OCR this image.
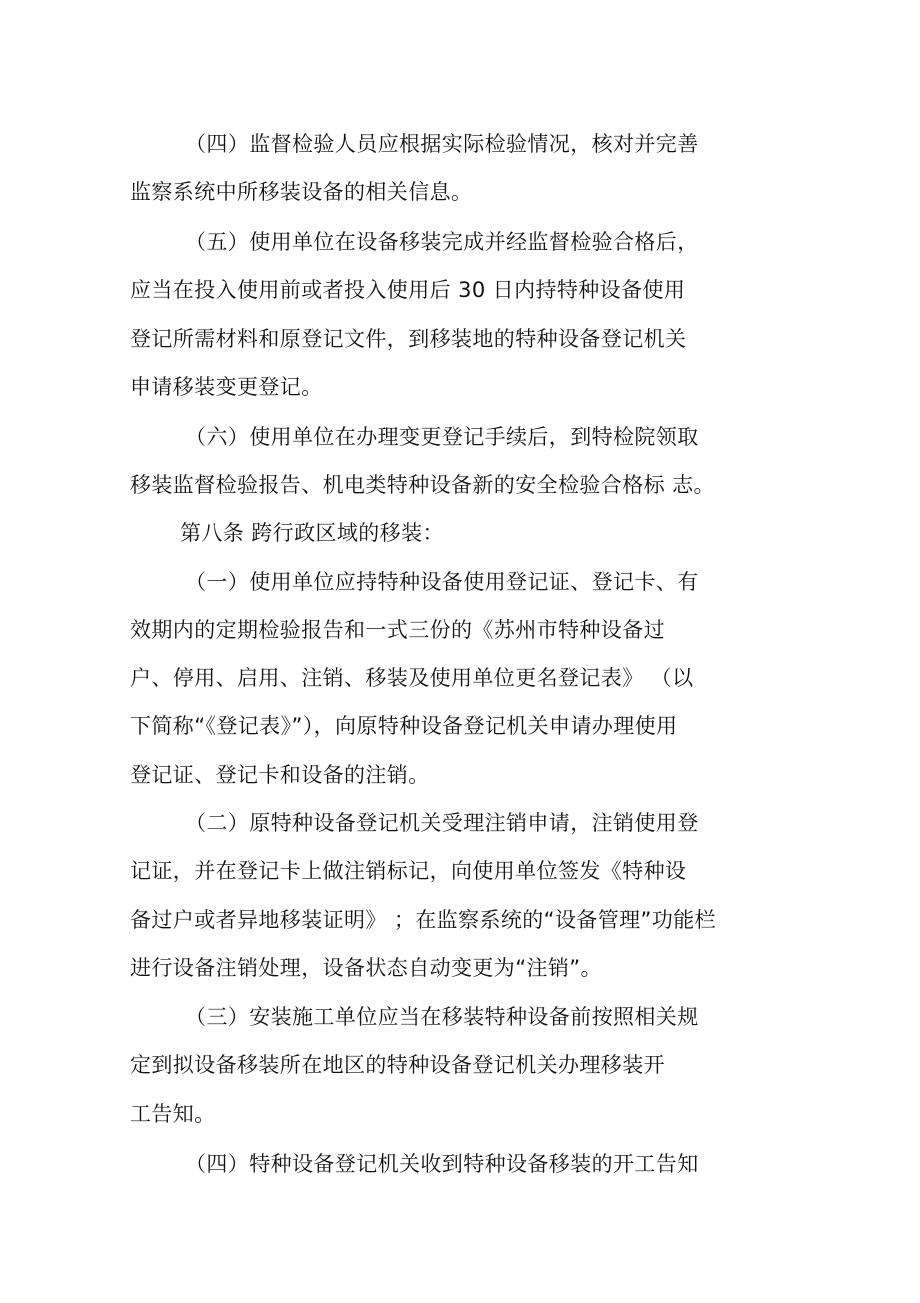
（四）监督检验人员应根据实际检验情况，核对并完善
监察系统中所移装设备的相关信息。
（五）使用单位在设备移装完成并经监督检验合格后，
应当在投入使用前或者投入使用后 30 日内持特种设备使用
登记所需材料和原登记文件，到移装地的特种设备登记机关
申请移装变更登记。
（六）使用单位在办理变更登记手续后，到特检院领取
移装监督检验报告、机电类特种设备新的安全检验合格标 志。
第八条 跨行政区域的移装：
（一）使用单位应持特种设备使用登记证、登记卡、有
效期内的定期检验报告和一式三份的《苏州市特种设备过
户、停用、启用、注销、移装及使用单位更名登记表》 （以
下简称“《登记表》”），向原特种设备登记机关申请办理使用
登记证、登记卡和设备的注销。
（二）原特种设备登记机关受理注销申请，注销使用登
记证，并在登记卡上做注销标记，向使用单位签发《特种设
备过户或者异地移装证明》 ；在监察系统的“设备管理”功能栏
进行设备注销处理，设备状态自动变更为“注销”。
（三）安装施工单位应当在移装特种设备前按照相关规
定到拟设备移装所在地区的特种设备登记机关办理移装开
工告知。
（四）特种设备登记机关收到特种设备移装的开工告知
